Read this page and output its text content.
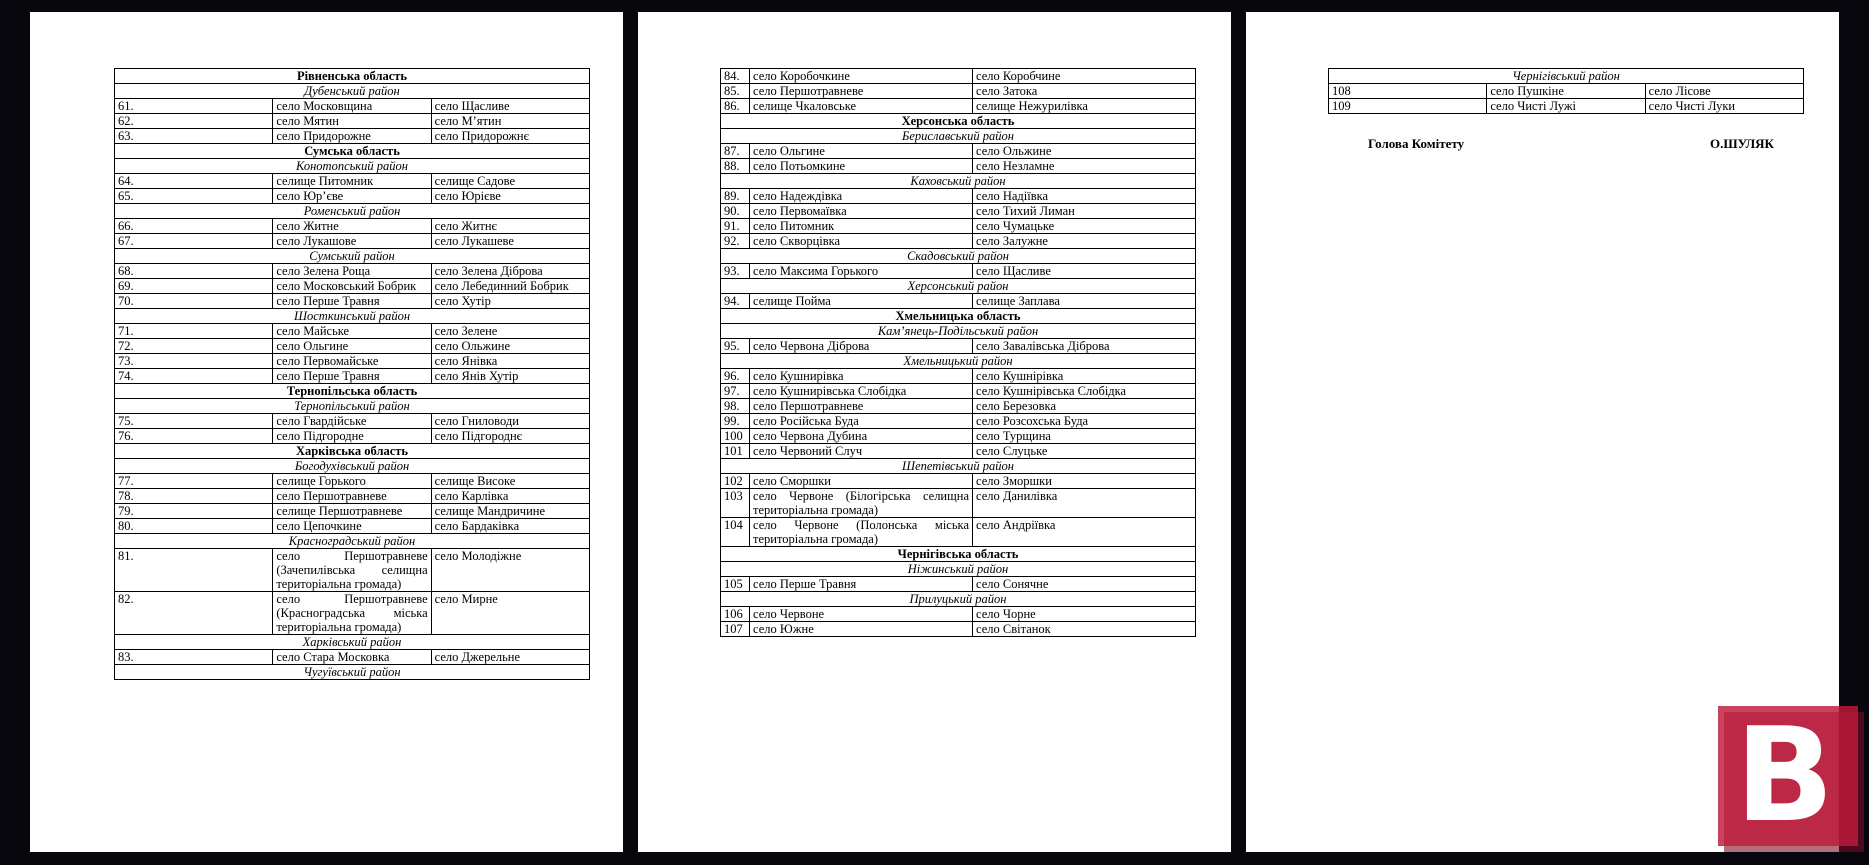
Рівненська область		
Дубенський район		
61.	село Московщина	село Щасливе
62.	село Мятин	село М’ятин
63.	село Придорожне	село Придорожнє
Сумська область		
Конотопський район		
64.	селище Питомник	селище Садове
65.	село Юр’єве	село Юрієве
Роменський район		
66.	село Житне	село Житнє
67.	село Лукашове	село Лукашеве
Сумський район		
68.	село Зелена Роща	село Зелена Діброва
69.	село Московський Бобрик	село Лебединний Бобрик
70.	село Перше Травня	село Хутір
Шосткинський район		
71.	село Майське	село Зелене
72.	село Ольгине	село Ольжине
73.	село Первомайське	село Янівка
74.	село Перше Травня	село Янів Хутір
Тернопільська область		
Тернопільський район		
75.	село Гвардійське	село Гниловоди
76.	село Підгородне	село Підгороднє
Харківська область		
Богодухівський район		
77.	селище Горького	селище Високе
78.	село Першотравневе	село Карлівка
79.	селище Першотравневе	селище Мандричине
80.	село Цепочкине	село Бардаківка
Красноградський район		
81.	село Першотравневе (Зачепилівська селищна територіальна громада)	село Молодіжне
82.	село Першотравневе (Красноградська міська територіальна громада)	село Мирне
Харківський район		
83.	село Стара Московка	село Джерельне
Чугуївський район		
84.	село Коробочкине	село Коробчине
85.	село Першотравневе	село Затока
86.	селище Чкаловське	селище Нежурилівка
Херсонська область		
Бериславський район		
87.	село Ольгине	село Ольжине
88.	село Потьомкине	село Незламне
Каховський район		
89.	село Надеждівка	село Надіївка
90.	село Первомаївка	село Тихий Лиман
91.	село Питомник	село Чумацьке
92.	село Скворцівка	село Залужне
Скадовський район		
93.	село Максима Горького	село Щасливе
Херсонський район		
94.	селище Пойма	селище Заплава
Хмельницька область		
Кам’янець-Подільський район		
95.	село Червона Діброва	село Завалівська Діброва
Хмельницький район		
96.	село Кушнирівка	село Кушнірівка
97.	село Кушнирівська Слобідка	село Кушнірівська Слобідка
98.	село Першотравневе	село Березовка
99.	село Російська Буда	село Розсохська Буда
100	село Червона Дубина	село Турщина
101	село Червоний Случ	село Слуцьке
Шепетівський район		
102	село Сморшки	село Зморшки
103	село Червоне (Білогірська селищна територіальна громада)	село Данилівка
104	село Червоне (Полонська міська територіальна громада)	село Андріївка
Чернігівська область		
Ніжинський район		
105	село Перше Травня	село Сонячне
Прилуцький район		
106	село Червоне	село Чорне
107	село Южне	село Світанок
Чернігівський район		
108	село Пушкіне	село Лісове
109	село Чисті Лужі	село Чисті Луки
Голова Комітету	О.ШУЛЯК
B
